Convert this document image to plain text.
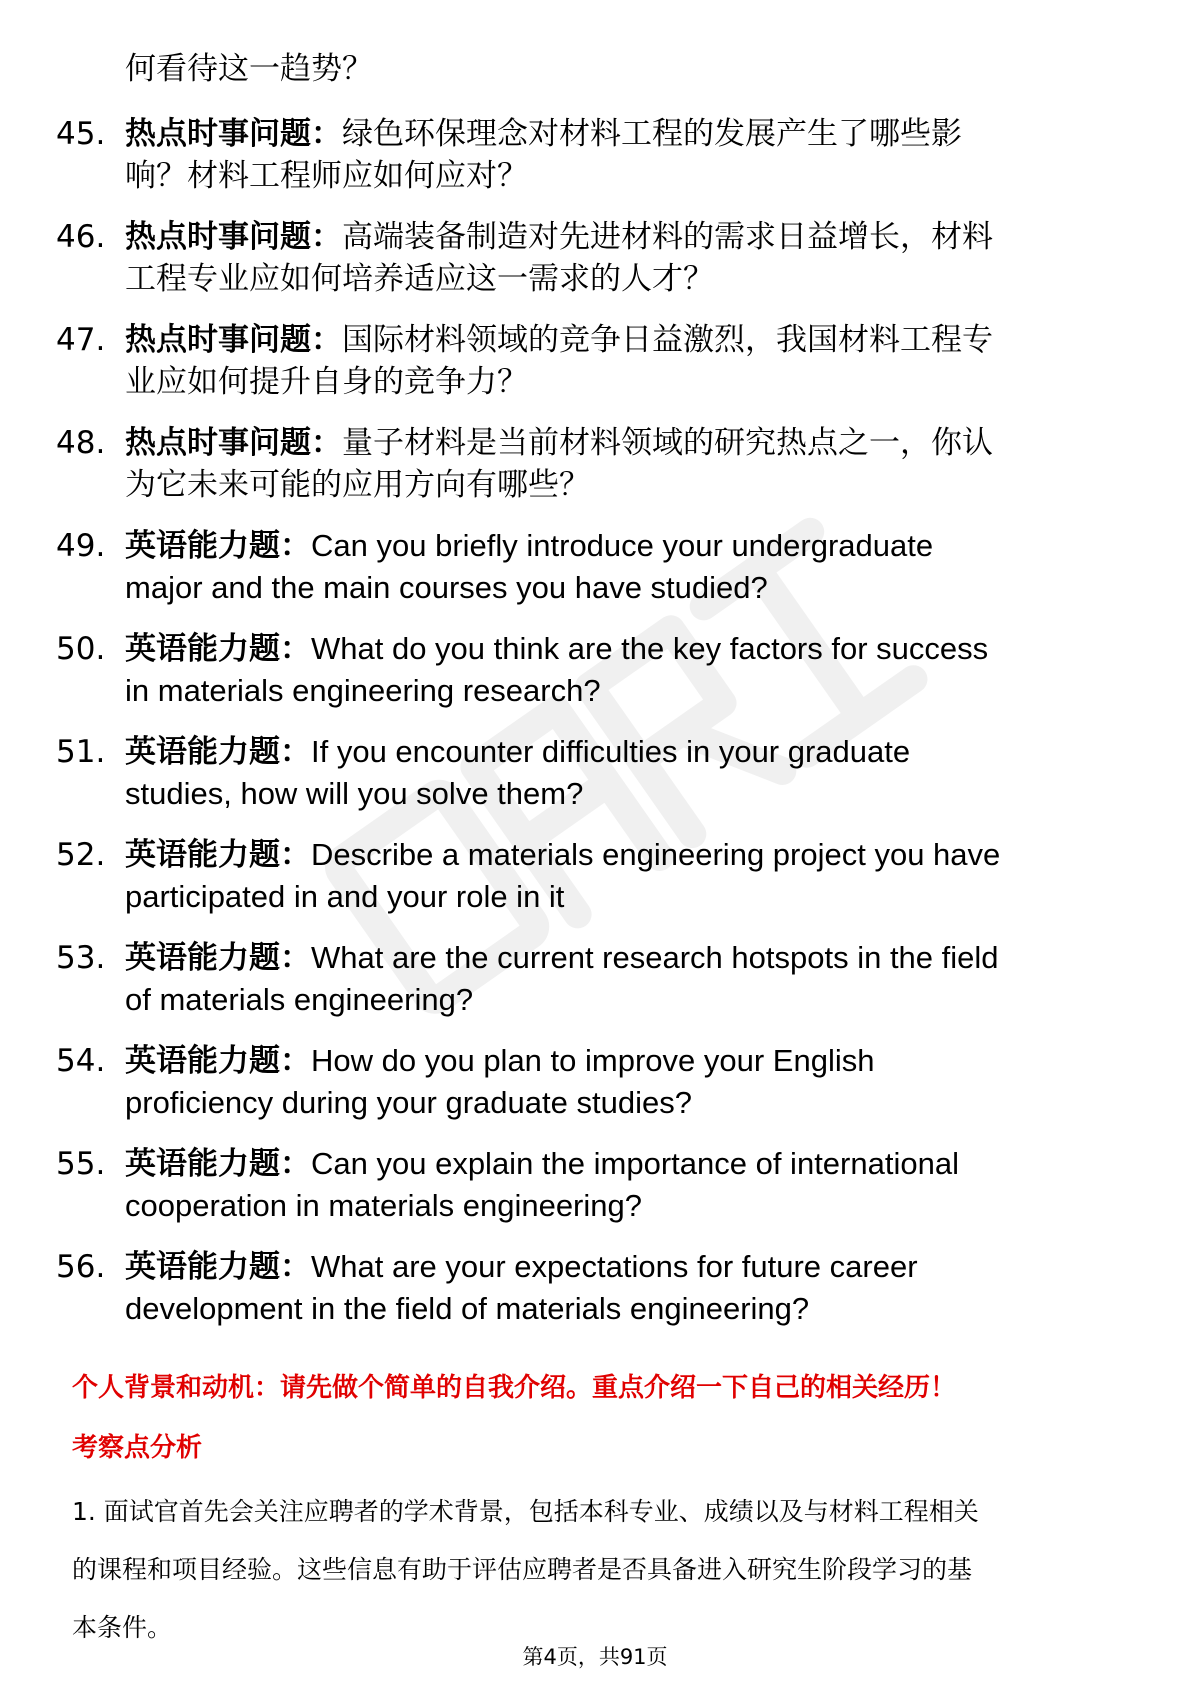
何看待这一趋势？
45. 热点时事问题：绿色环保理念对材料工程的发展产生了哪些影
响？材料工程师应如何应对？
46. 热点时事问题：高端装备制造对先进材料的需求日益增长，材料
工程专业应如何培养适应这一需求的人才？
47. 热点时事问题：国际材料领域的竞争日益激烈，我国材料工程专
业应如何提升自身的竞争力？
48. 热点时事问题：量子材料是当前材料领域的研究热点之一，你认
为它未来可能的应用方向有哪些？
49. 英语能力题：Can you briefly introduce your undergraduate
major and the main courses you have studied?
50. 英语能力题：What do you think are the key factors for success
in materials engineering research?
51. 英语能力题：If you encounter difficulties in your graduate
studies, how will you solve them?
52. 英语能力题：Describe a materials engineering project you have
participated in and your role in it
53. 英语能力题：What are the current research hotspots in the field
of materials engineering?
54. 英语能力题：How do you plan to improve your English
proficiency during your graduate studies?
55. 英语能力题：Can you explain the importance of international
cooperation in materials engineering?
56. 英语能力题：What are your expectations for future career
development in the field of materials engineering?
个人背景和动机：请先做个简单的自我介绍。重点介绍一下自己的相关经历！
考察点分析
1. 面试官首先会关注应聘者的学术背景，包括本科专业、成绩以及与材料工程相关
的课程和项目经验。这些信息有助于评估应聘者是否具备进入研究生阶段学习的基
本条件。
第4页，共91页
